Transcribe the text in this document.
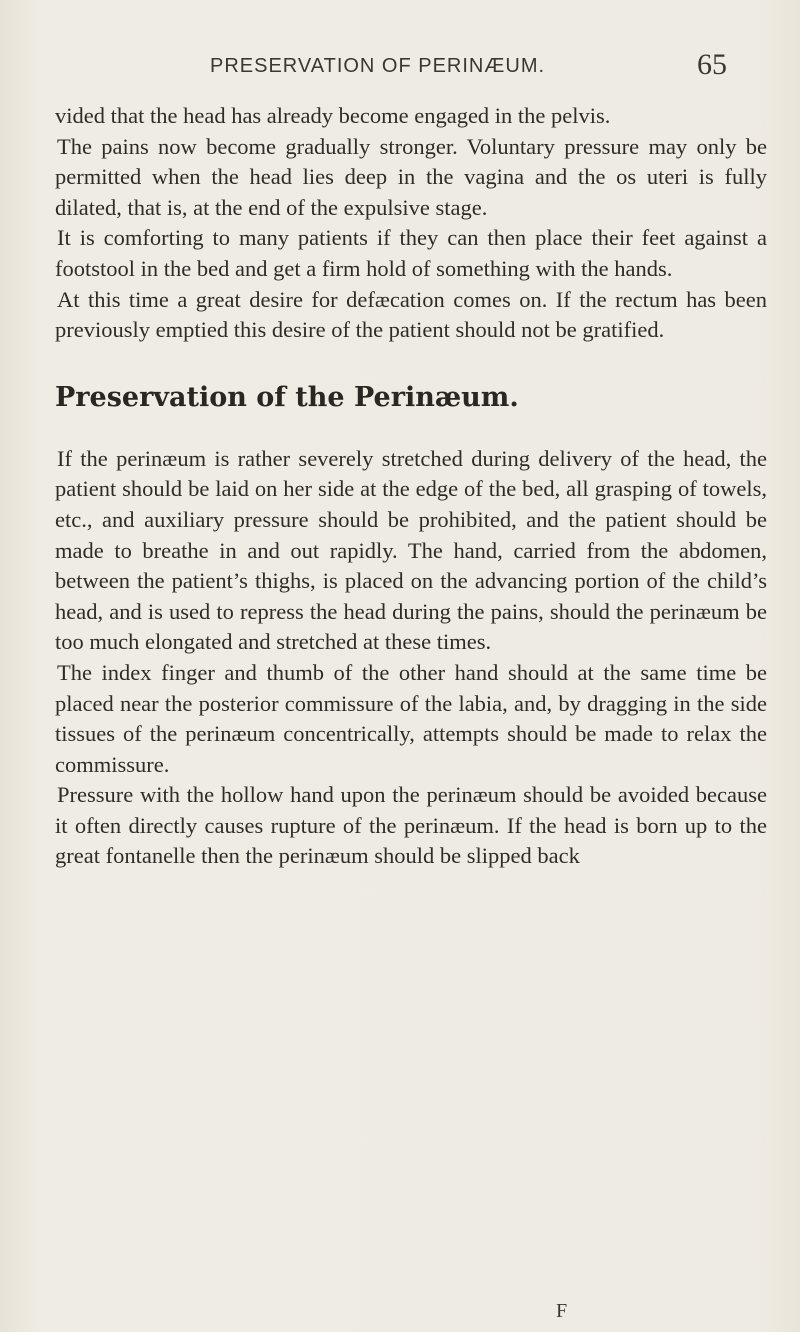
PRESERVATION OF PERINÆUM.	65

vided that the head has already become engaged in the pelvis.

The pains now become gradually stronger. Voluntary pressure may only be permitted when the head lies deep in the vagina and the os uteri is fully dilated, that is, at the end of the expulsive stage.

It is comforting to many patients if they can then place their feet against a footstool in the bed and get a firm hold of something with the hands.

At this time a great desire for defæcation comes on. If the rectum has been previously emptied this desire of the patient should not be gratified.

Preservation of the Perinæum.

If the perinæum is rather severely stretched during delivery of the head, the patient should be laid on her side at the edge of the bed, all grasping of towels, etc., and auxiliary pressure should be prohibited, and the patient should be made to breathe in and out rapidly. The hand, carried from the abdomen, between the patient’s thighs, is placed on the advancing portion of the child’s head, and is used to repress the head during the pains, should the perinæum be too much elongated and stretched at these times.

The index finger and thumb of the other hand should at the same time be placed near the posterior commissure of the labia, and, by dragging in the side tissues of the perinæum concentrically, attempts should be made to relax the commissure.

Pressure with the hollow hand upon the perinæum should be avoided because it often directly causes rupture of the perinæum. If the head is born up to the great fontanelle then the perinæum should be slipped back

F
